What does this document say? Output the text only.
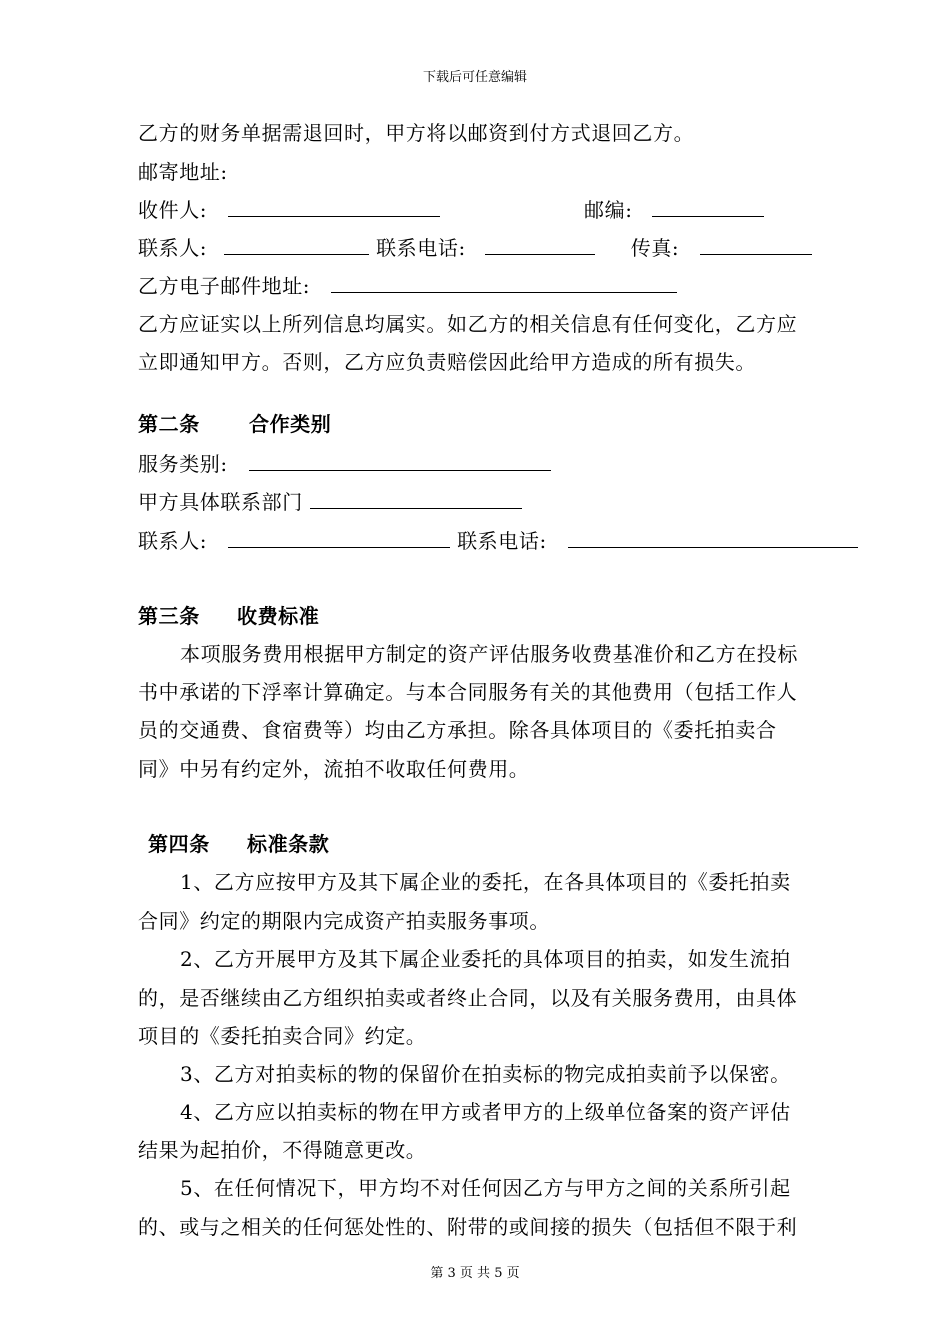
下载后可任意编辑
乙方的财务单据需退回时，甲方将以邮资到付方式退回乙方。
邮寄地址:
收件人:	邮编:
联系人:	联系电话:	传真:
乙方电子邮件地址:
乙方应证实以上所列信息均属实。如乙方的相关信息有任何变化，乙方应
立即通知甲方。否则，乙方应负责赔偿因此给甲方造成的所有损失。
第二条 合作类别
服务类别:
甲方具体联系部门
联系人:	联系电话:
第三条 收费标准
本项服务费用根据甲方制定的资产评估服务收费基准价和乙方在投标
书中承诺的下浮率计算确定。与本合同服务有关的其他费用（包括工作人
员的交通费、食宿费等）均由乙方承担。除各具体项目的《委托拍卖合
同》中另有约定外，流拍不收取任何费用。
第四条 标准条款
1、乙方应按甲方及其下属企业的委托，在各具体项目的《委托拍卖
合同》约定的期限内完成资产拍卖服务事项。
2、乙方开展甲方及其下属企业委托的具体项目的拍卖，如发生流拍
的，是否继续由乙方组织拍卖或者终止合同，以及有关服务费用，由具体
项目的《委托拍卖合同》约定。
3、乙方对拍卖标的物的保留价在拍卖标的物完成拍卖前予以保密。
4、乙方应以拍卖标的物在甲方或者甲方的上级单位备案的资产评估
结果为起拍价，不得随意更改。
5、在任何情况下，甲方均不对任何因乙方与甲方之间的关系所引起
的、或与之相关的任何惩处性的、附带的或间接的损失（包括但不限于利
第 3 页 共 5 页
